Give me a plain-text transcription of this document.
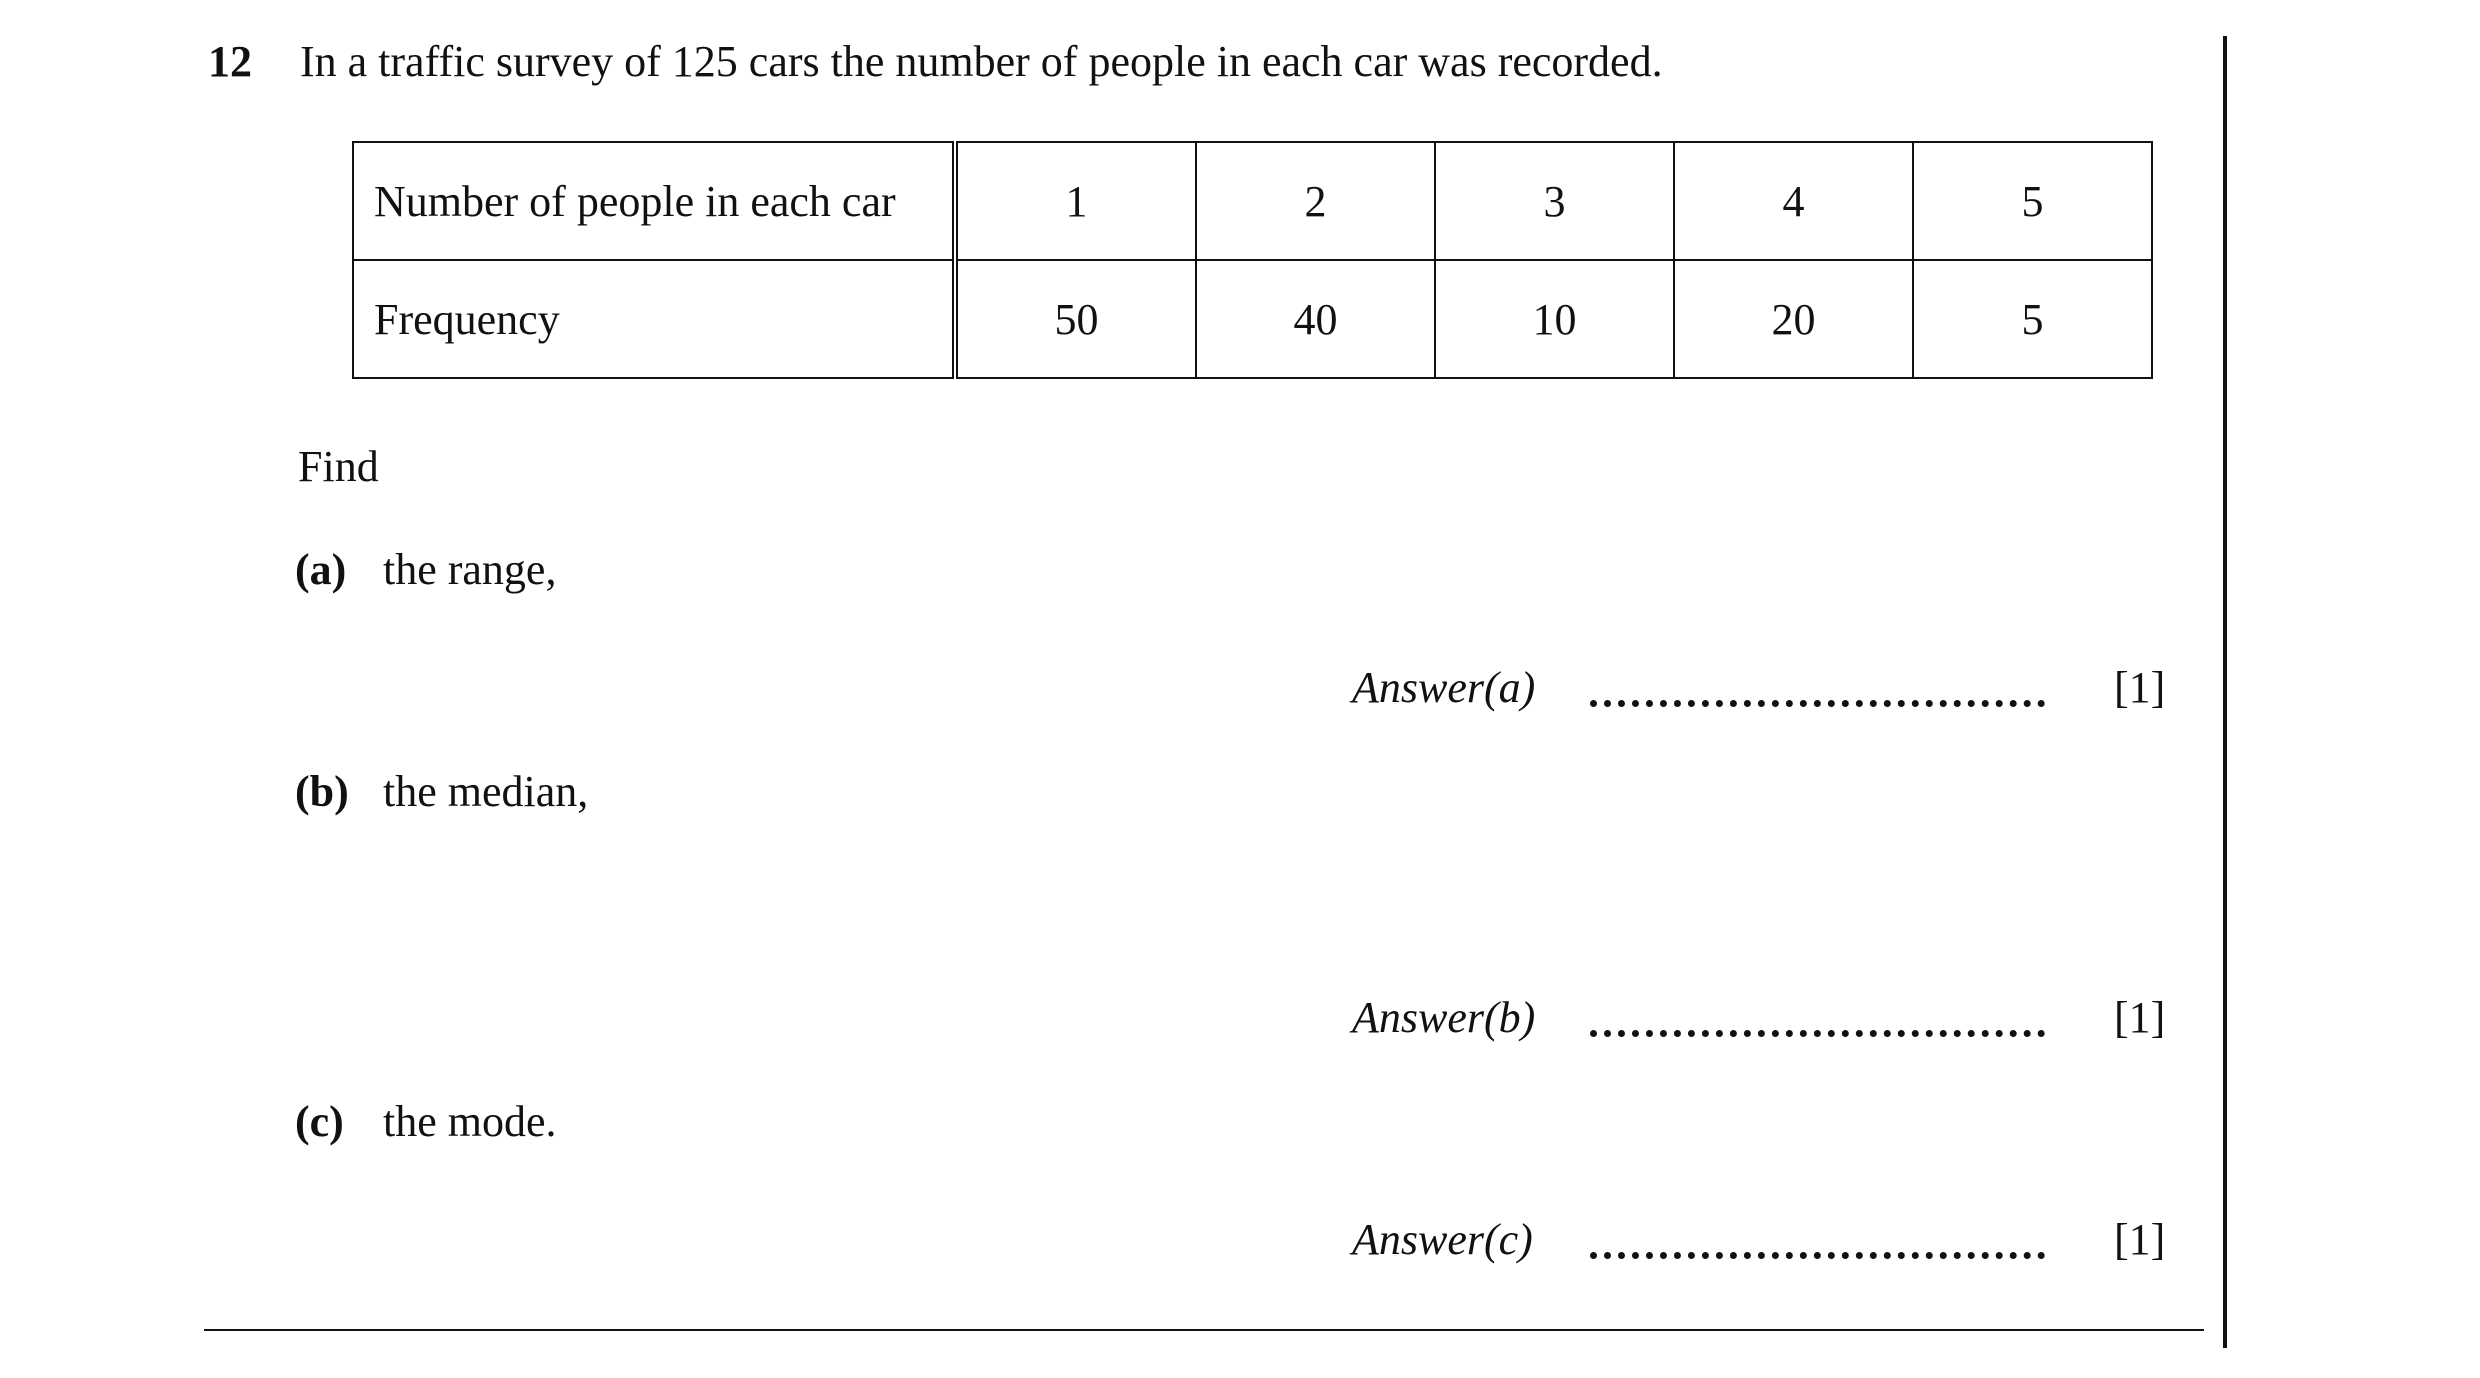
12 In a traffic survey of 125 cars the number of people in each car was recorded.
Number of people in each car	1	2	3	4	5
Frequency	50	40	10	20	5
Find
(a) the range,
Answer(a)	[1]
(b) the median,
Answer(b)	[1]
(c) the mode.
Answer(c)	[1]
